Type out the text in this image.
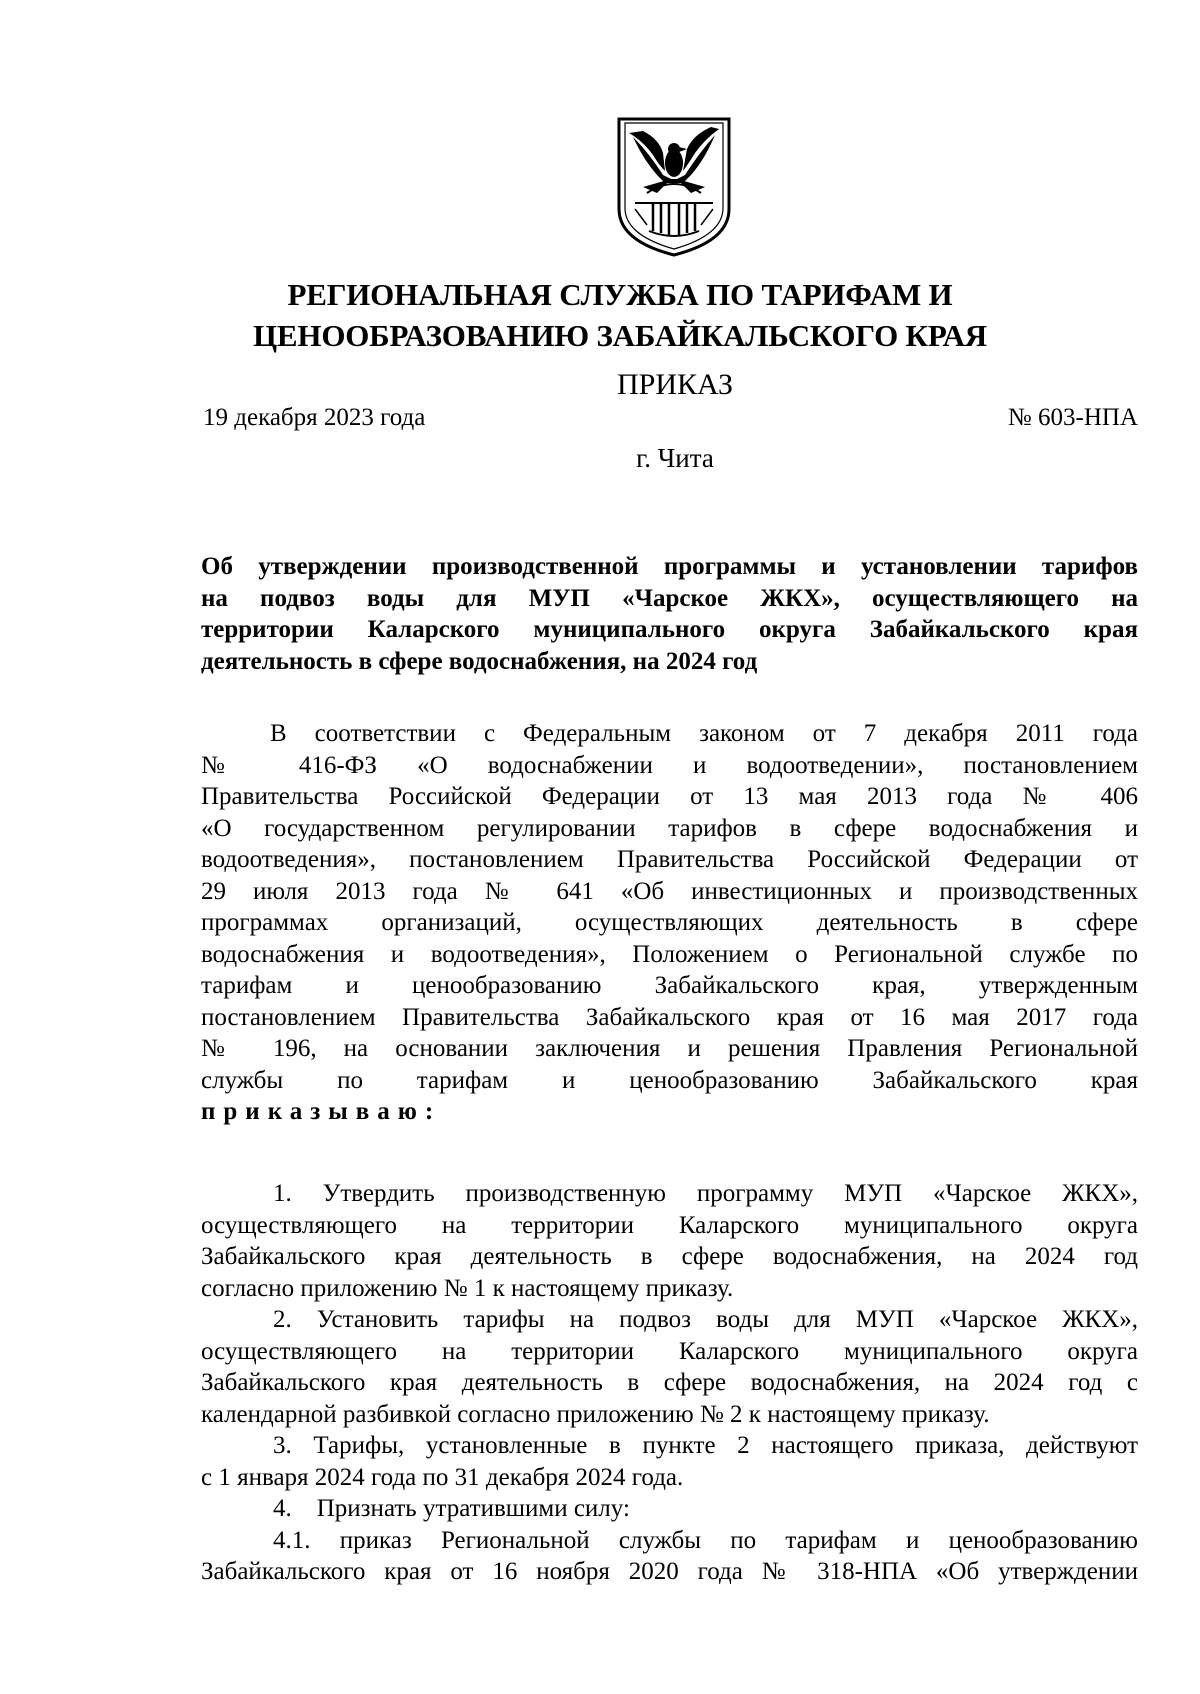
РЕГИОНАЛЬНАЯ СЛУЖБА ПО ТАРИФАМ И
ЦЕНООБРАЗОВАНИЮ ЗАБАЙКАЛЬСКОГО КРАЯ
ПРИКАЗ
19 декабря 2023 года	№ 603-НПА
г. Чита
Об утверждении производственной программы и установлении тарифов
на подвоз воды для МУП «Чарское ЖКХ», осуществляющего на
территории Каларского муниципального округа Забайкальского края
деятельность в сфере водоснабжения, на 2024 год
В соответствии с Федеральным законом от 7 декабря 2011 года
№ 416-ФЗ «О водоснабжении и водоотведении», постановлением
Правительства Российской Федерации от 13 мая 2013 года № 406
«О государственном регулировании тарифов в сфере водоснабжения и
водоотведения», постановлением Правительства Российской Федерации от
29 июля 2013 года № 641 «Об инвестиционных и производственных
программах организаций, осуществляющих деятельность в сфере
водоснабжения и водоотведения», Положением о Региональной службе по
тарифам и ценообразованию Забайкальского края, утвержденным
постановлением Правительства Забайкальского края от 16 мая 2017 года
№ 196, на основании заключения и решения Правления Региональной
службы по тарифам и ценообразованию Забайкальского края
приказываю:
1. Утвердить производственную программу МУП «Чарское ЖКХ»,
осуществляющего на территории Каларского муниципального округа
Забайкальского края деятельность в сфере водоснабжения, на 2024 год
согласно приложению № 1 к настоящему приказу.
2. Установить тарифы на подвоз воды для МУП «Чарское ЖКХ»,
осуществляющего на территории Каларского муниципального округа
Забайкальского края деятельность в сфере водоснабжения, на 2024 год с
календарной разбивкой согласно приложению № 2 к настоящему приказу.
3. Тарифы, установленные в пункте 2 настоящего приказа, действуют
с 1 января 2024 года по 31 декабря 2024 года.
4.    Признать утратившими силу:
4.1. приказ Региональной службы по тарифам и ценообразованию
Забайкальского края от 16 ноября 2020 года № 318-НПА «Об утверждении
